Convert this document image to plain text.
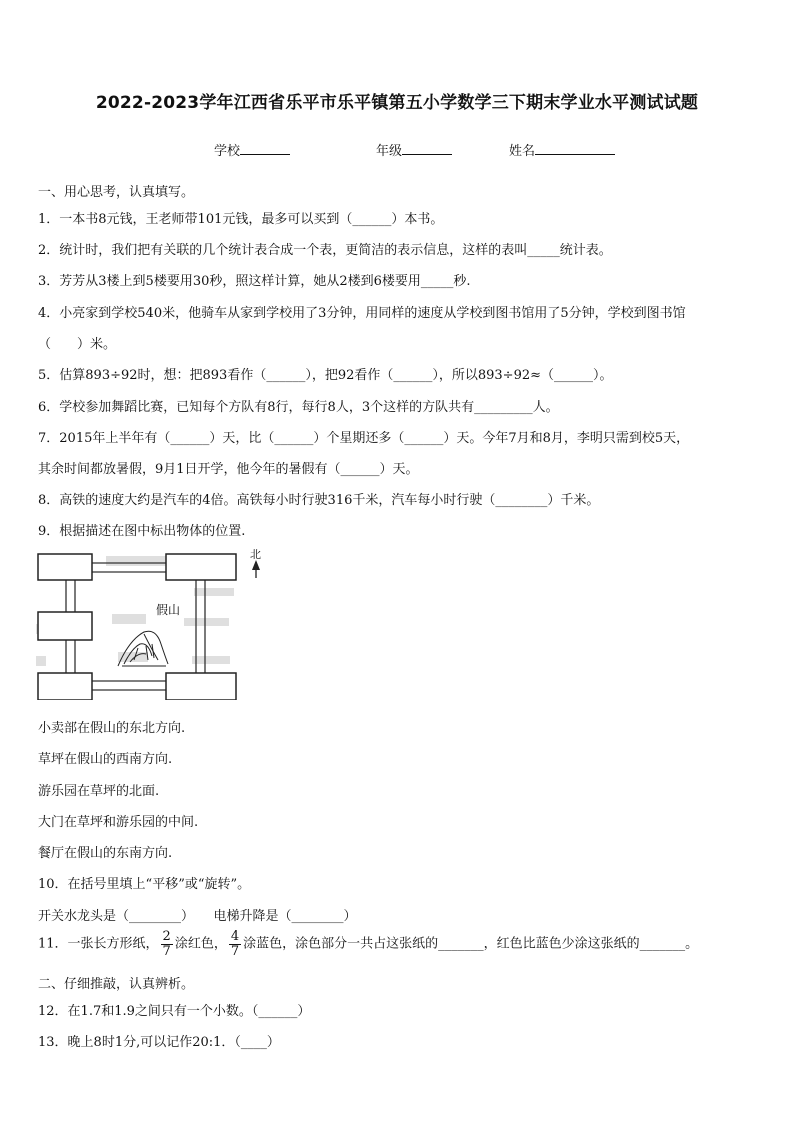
2022-2023学年江西省乐平市乐平镇第五小学数学三下期末学业水平测试试题
学校	年级	姓名
一、用心思考，认真填写。
1．一本书8元钱，王老师带101元钱，最多可以买到（______）本书。
2．统计时，我们把有关联的几个统计表合成一个表，更简洁的表示信息，这样的表叫_____统计表。
3．芳芳从3楼上到5楼要用30秒，照这样计算，她从2楼到6楼要用_____秒.
4．小亮家到学校540米，他骑车从家到学校用了3分钟，用同样的速度从学校到图书馆用了5分钟，学校到图书馆
（　　）米。
5．估算893÷92时，想：把893看作（______），把92看作（______），所以893÷92≈（______）。
6．学校参加舞蹈比赛，已知每个方队有8行，每行8人，3个这样的方队共有_________人。
7．2015年上半年有（______）天，比（______）个星期还多（______）天。今年7月和8月，李明只需到校5天，
其余时间都放暑假，9月1日开学，他今年的暑假有（______）天。
8．高铁的速度大约是汽车的4倍。高铁每小时行驶316千米，汽车每小时行驶（________）千米。
9．根据描述在图中标出物体的位置.
假山
北
小卖部在假山的东北方向.
草坪在假山的西南方向.
游乐园在草坪的北面.
大门在草坪和游乐园的中间.
餐厅在假山的东南方向.
10．在括号里填上“平移”或“旋转”。
开关水龙头是（________）　　电梯升降是（________）
11．一张长方形纸， $\frac{2}{7}$ 涂红色， $\frac{4}{7}$ 涂蓝色，涂色部分一共占这张纸的_______，红色比蓝色少涂这张纸的_______。
二、仔细推敲，认真辨析。
12．在1.7和1.9之间只有一个小数。（______）
13．晚上8时1分,可以记作20:1．（____）
